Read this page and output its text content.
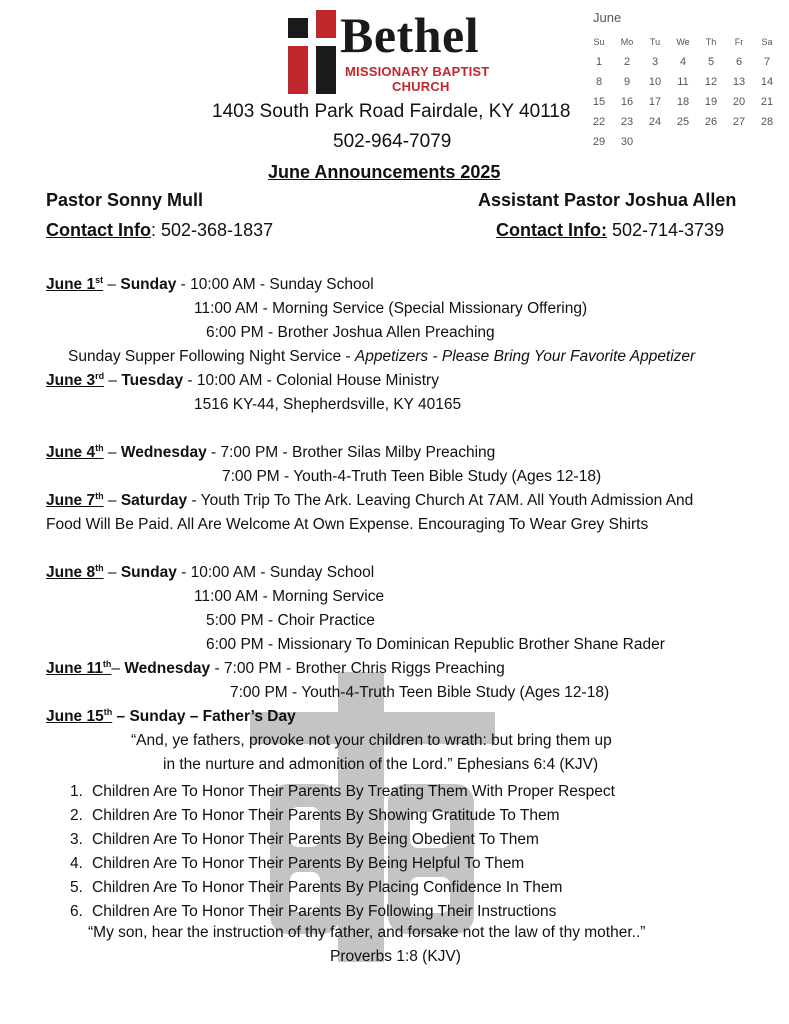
Bethel
MISSIONARY BAPTIST
CHURCH
1403 South Park Road Fairdale, KY 40118
502-964-7079
June Announcements 2025
June
Su	Mo	Tu	We	Th	Fr	Sa
1	2	3	4	5	6	7
8	9	10	11	12	13	14
15	16	17	18	19	20	21
22	23	24	25	26	27	28
29	30
Pastor Sonny Mull	Assistant Pastor Joshua Allen
Contact Info: 502-368-1837	Contact Info: 502-714-3739
June 1st – Sunday - 10:00 AM - Sunday School
11:00 AM - Morning Service (Special Missionary Offering)
6:00 PM - Brother Joshua Allen Preaching
Sunday Supper Following Night Service - Appetizers - Please Bring Your Favorite Appetizer
June 3rd – Tuesday - 10:00 AM - Colonial House Ministry
1516 KY-44, Shepherdsville, KY 40165
June 4th – Wednesday - 7:00 PM - Brother Silas Milby Preaching
7:00 PM - Youth-4-Truth Teen Bible Study (Ages 12-18)
June 7th – Saturday - Youth Trip To The Ark. Leaving Church At 7AM. All Youth Admission And
Food Will Be Paid. All Are Welcome At Own Expense. Encouraging To Wear Grey Shirts
June 8th – Sunday - 10:00 AM - Sunday School
11:00 AM - Morning Service
5:00 PM - Choir Practice
6:00 PM - Missionary To Dominican Republic Brother Shane Rader
June 11th– Wednesday - 7:00 PM - Brother Chris Riggs Preaching
7:00 PM - Youth-4-Truth Teen Bible Study (Ages 12-18)
June 15th – Sunday – Father’s Day
“And, ye fathers, provoke not your children to wrath: but bring them up
in the nurture and admonition of the Lord.” Ephesians 6:4 (KJV)
1. Children Are To Honor Their Parents By Treating Them With Proper Respect
2. Children Are To Honor Their Parents By Showing Gratitude To Them
3. Children Are To Honor Their Parents By Being Obedient To Them
4. Children Are To Honor Their Parents By Being Helpful To Them
5. Children Are To Honor Their Parents By Placing Confidence In Them
6. Children Are To Honor Their Parents By Following Their Instructions
“My son, hear the instruction of thy father, and forsake not the law of thy mother..”
Proverbs 1:8 (KJV)
